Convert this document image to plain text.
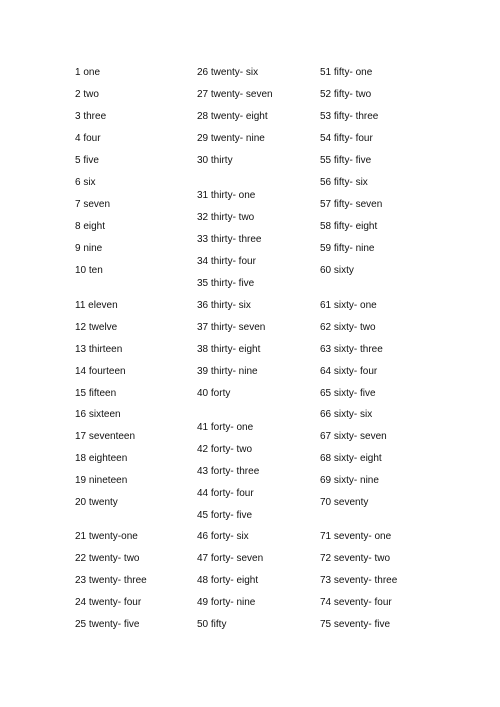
1 one
2 two
3 three
4 four
5 five
6 six
7 seven
8 eight
9 nine
10 ten
11 eleven
12 twelve
13 thirteen
14 fourteen
15 fifteen
16 sixteen
17 seventeen
18 eighteen
19 nineteen
20 twenty
21 twenty-one
22 twenty- two
23 twenty- three
24 twenty- four
25 twenty- five
26 twenty- six
27 twenty- seven
28 twenty- eight
29 twenty- nine
30 thirty
31 thirty- one
32 thirty- two
33 thirty- three
34 thirty- four
35 thirty- five
36 thirty- six
37 thirty- seven
38 thirty- eight
39 thirty- nine
40 forty
41 forty- one
42 forty- two
43 forty- three
44 forty- four
45 forty- five
46 forty- six
47 forty- seven
48 forty- eight
49 forty- nine
50 fifty
51 fifty- one
52 fifty- two
53 fifty- three
54 fifty- four
55 fifty- five
56 fifty- six
57 fifty- seven
58 fifty- eight
59 fifty- nine
60 sixty
61 sixty- one
62 sixty- two
63 sixty- three
64 sixty- four
65 sixty- five
66 sixty- six
67 sixty- seven
68 sixty- eight
69 sixty- nine
70 seventy
71 seventy- one
72 seventy- two
73 seventy- three
74 seventy- four
75 seventy- five
